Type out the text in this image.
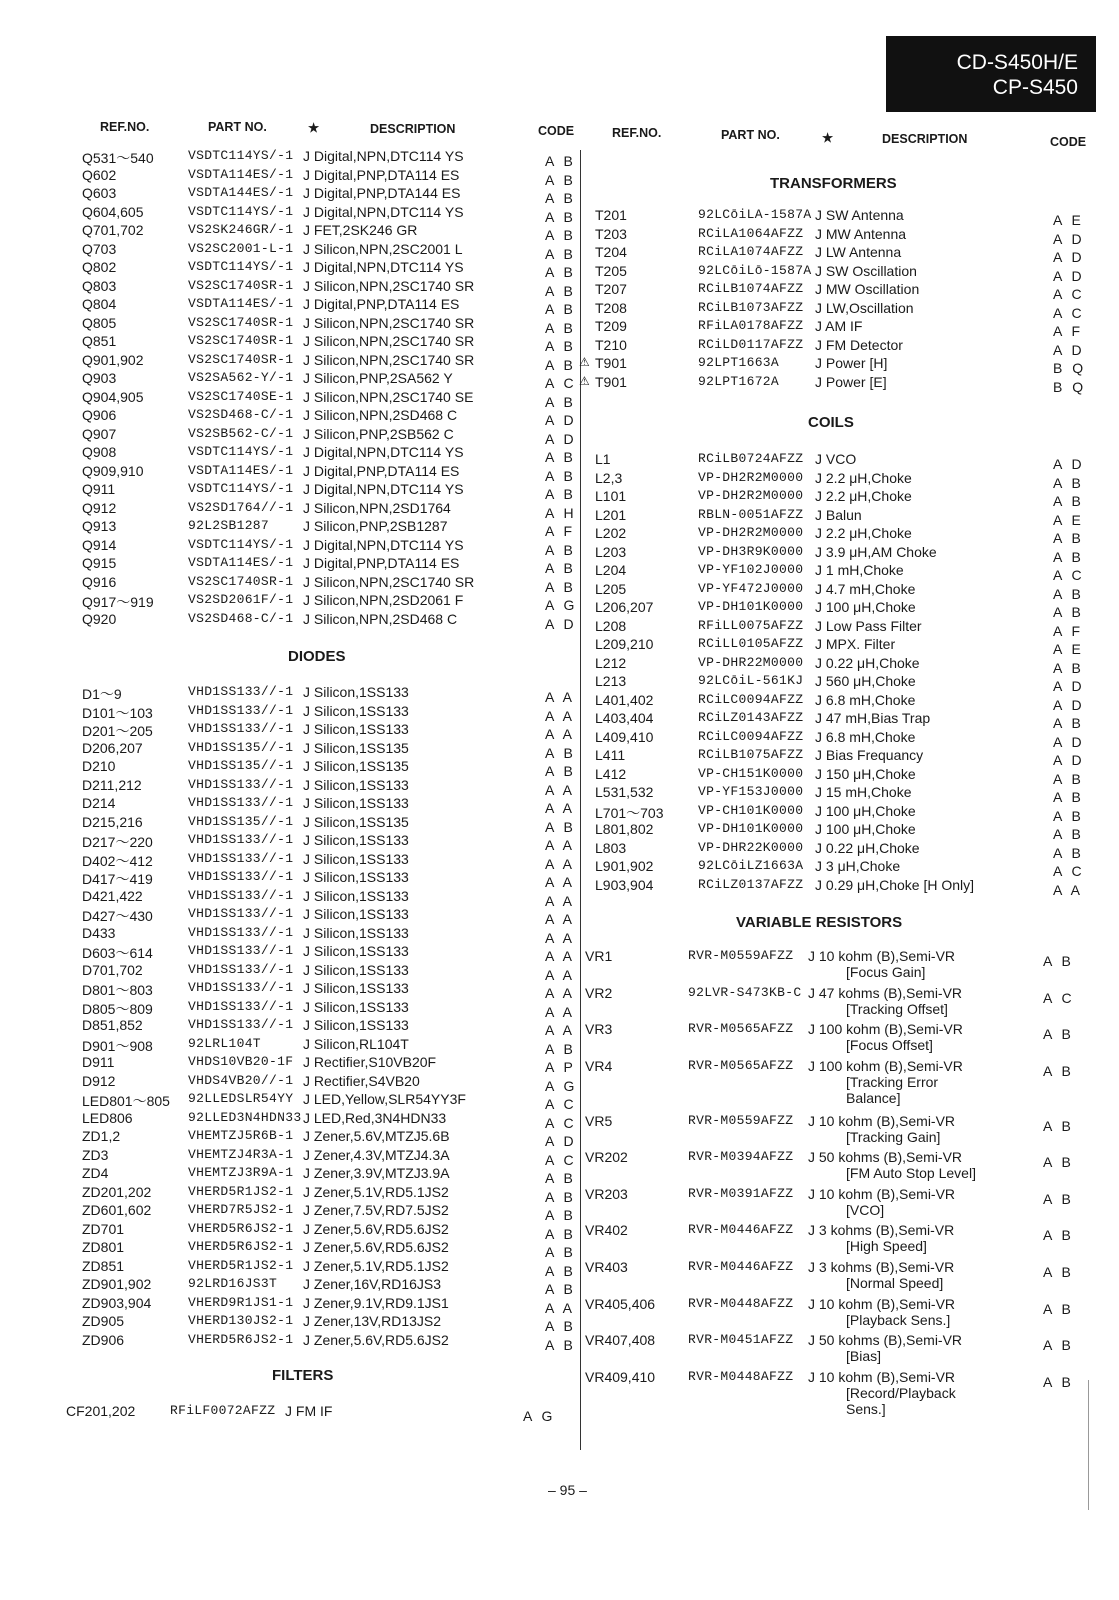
CD-S450H/E
CP-S450
REF.NO.	PART NO.	★	DESCRIPTION	CODE	REF.NO.	PART NO.	★	DESCRIPTION	CODE
Q531～540	VSDTC114YS/-1 J Digital,NPN,DTC114 YS	A B
Q602	VSDTA114ES/-1 J Digital,PNP,DTA114 ES	A B
Q603	VSDTA144ES/-1 J Digital,PNP,DTA144 ES	A B
Q604,605	VSDTC114YS/-1 J Digital,NPN,DTC114 YS	A B
Q701,702	VS2SK246GR/-1 J FET,2SK246 GR	A B
Q703	VS2SC2001-L-1 J Silicon,NPN,2SC2001 L	A B
Q802	VSDTC114YS/-1 J Digital,NPN,DTC114 YS	A B
Q803	VS2SC1740SR-1 J Silicon,NPN,2SC1740 SR	A B
Q804	VSDTA114ES/-1 J Digital,PNP,DTA114 ES	A B
Q805	VS2SC1740SR-1 J Silicon,NPN,2SC1740 SR	A B
Q851	VS2SC1740SR-1 J Silicon,NPN,2SC1740 SR	A B
Q901,902	VS2SC1740SR-1 J Silicon,NPN,2SC1740 SR	A B
Q903	VS2SA562-Y/-1 J Silicon,PNP,2SA562 Y	A C
Q904,905	VS2SC1740SE-1 J Silicon,NPN,2SC1740 SE	A B
Q906	VS2SD468-C/-1 J Silicon,NPN,2SD468 C	A D
Q907	VS2SB562-C/-1 J Silicon,PNP,2SB562 C	A D
Q908	VSDTC114YS/-1 J Digital,NPN,DTC114 YS	A B
Q909,910	VSDTA114ES/-1 J Digital,PNP,DTA114 ES	A B
Q911	VSDTC114YS/-1 J Digital,NPN,DTC114 YS	A B
Q912	VS2SD1764//-1 J Silicon,NPN,2SD1764	A H
Q913	92L2SB1287 J Silicon,PNP,2SB1287	A F
Q914	VSDTC114YS/-1 J Digital,NPN,DTC114 YS	A B
Q915	VSDTA114ES/-1 J Digital,PNP,DTA114 ES	A B
Q916	VS2SC1740SR-1 J Silicon,NPN,2SC1740 SR	A B
Q917～919	VS2SD2061F/-1 J Silicon,NPN,2SD2061 F	A G
Q920	VS2SD468-C/-1 J Silicon,NPN,2SD468 C	A D
DIODES
D1～9	VHD1SS133//-1 J Silicon,1SS133	A A
D101～103	VHD1SS133//-1 J Silicon,1SS133	A A
D201～205	VHD1SS133//-1 J Silicon,1SS133	A A
D206,207	VHD1SS135//-1 J Silicon,1SS135	A B
D210	VHD1SS135//-1 J Silicon,1SS135	A B
D211,212	VHD1SS133//-1 J Silicon,1SS133	A A
D214	VHD1SS133//-1 J Silicon,1SS133	A A
D215,216	VHD1SS135//-1 J Silicon,1SS135	A B
D217～220	VHD1SS133//-1 J Silicon,1SS133	A A
D402～412	VHD1SS133//-1 J Silicon,1SS133	A A
D417～419	VHD1SS133//-1 J Silicon,1SS133	A A
D421,422	VHD1SS133//-1 J Silicon,1SS133	A A
D427～430	VHD1SS133//-1 J Silicon,1SS133	A A
D433	VHD1SS133//-1 J Silicon,1SS133	A A
D603～614	VHD1SS133//-1 J Silicon,1SS133	A A
D701,702	VHD1SS133//-1 J Silicon,1SS133	A A
D801～803	VHD1SS133//-1 J Silicon,1SS133	A A
D805～809	VHD1SS133//-1 J Silicon,1SS133	A A
D851,852	VHD1SS133//-1 J Silicon,1SS133	A A
D901～908	92LRL104T	J Silicon,RL104T	A B
D911	VHDS10VB20-1F J Rectifier,S10VB20F	A P
D912	VHDS4VB20//-1 J Rectifier,S4VB20	A G
LED801～805 92LLEDSLR54YY J LED,Yellow,SLR54YY3F	A C
LED806	92LLED3N4HDN33 J LED,Red,3N4HDN33	A C
ZD1,2	VHEMTZJ5R6B-1 J Zener,5.6V,MTZJ5.6B	A D
ZD3	VHEMTZJ4R3A-1 J Zener,4.3V,MTZJ4.3A	A C
ZD4	VHEMTZJ3R9A-1 J Zener,3.9V,MTZJ3.9A	A B
ZD201,202	VHERD5R1JS2-1 J Zener,5.1V,RD5.1JS2	A B
ZD601,602	VHERD7R5JS2-1 J Zener,7.5V,RD7.5JS2	A B
ZD701	VHERD5R6JS2-1 J Zener,5.6V,RD5.6JS2	A B
ZD801	VHERD5R6JS2-1 J Zener,5.6V,RD5.6JS2	A B
ZD851	VHERD5R1JS2-1 J Zener,5.1V,RD5.1JS2	A B
ZD901,902	92LRD16JS3T J Zener,16V,RD16JS3	A B
ZD903,904	VHERD9R1JS1-1 J Zener,9.1V,RD9.1JS1	A A
ZD905	VHERD130JS2-1 J Zener,13V,RD13JS2	A B
ZD906	VHERD5R6JS2-1 J Zener,5.6V,RD5.6JS2	A B
FILTERS
CF201,202	RFiLF0072AFZZ J FM IF	A G
TRANSFORMERS
T201	92LCōiLA-1587A J SW Antenna	A E
T203	RCiLA1064AFZZ J MW Antenna	A D
T204	RCiLA1074AFZZ J LW Antenna	A D
T205	92LCōiLō-1587A J SW Oscillation	A D
T207	RCiLB1074AFZZ J MW Oscillation	A C
T208	RCiLB1073AFZZ J LW,Oscillation	A C
T209	RFiLA0178AFZZ J AM IF	A F
T210	RCiLD0117AFZZ J FM Detector	A D
⚠ T901	92LPT1663A	J Power [H]	B Q
⚠ T901	92LPT1672A	J Power [E]	B Q
COILS
L1	RCiLB0724AFZZ J VCO	A D
L2,3	VP-DH2R2M0000 J 2.2 μH,Choke	A B
L101	VP-DH2R2M0000 J 2.2 μH,Choke	A B
L201	RBLN-0051AFZZ J Balun	A E
L202	VP-DH2R2M0000 J 2.2 μH,Choke	A B
L203	VP-DH3R9K0000 J 3.9 μH,AM Choke	A B
L204	VP-YF102J0000 J 1 mH,Choke	A C
L205	VP-YF472J0000 J 4.7 mH,Choke	A B
L206,207	VP-DH101K0000 J 100 μH,Choke	A B
L208	RFiLL0075AFZZ J Low Pass Filter	A F
L209,210	RCiLL0105AFZZ J MPX. Filter	A E
L212	VP-DHR22M0000 J 0.22 μH,Choke	A B
L213	92LCōiL-561KJ J 560 μH,Choke	A D
L401,402	RCiLC0094AFZZ J 6.8 mH,Choke	A D
L403,404	RCiLZ0143AFZZ J 47 mH,Bias Trap	A B
L409,410	RCiLC0094AFZZ J 6.8 mH,Choke	A D
L411	RCiLB1075AFZZ J Bias Frequancy	A D
L412	VP-CH151K0000 J 150 μH,Choke	A B
L531,532	VP-YF153J0000 J 15 mH,Choke	A B
L701～703	VP-CH101K0000 J 100 μH,Choke	A B
L801,802	VP-DH101K0000 J 100 μH,Choke	A B
L803	VP-DHR22K0000 J 0.22 μH,Choke	A B
L901,902	92LCōiLZ1663A J 3 μH,Choke	A C
L903,904	RCiLZ0137AFZZ J 0.29 μH,Choke [H Only]	A A
VARIABLE RESISTORS
VR1	RVR-M0559AFZZ J 10 kohm (B),Semi-VR
[Focus Gain]
A B
VR2	92LVR-S473KB-C J 47 kohms (B),Semi-VR
[Tracking Offset]
A C
VR3	RVR-M0565AFZZ J 100 kohm (B),Semi-VR
[Focus Offset]
A B
VR4	RVR-M0565AFZZ J 100 kohm (B),Semi-VR
[Tracking Error
Balance]
A B
VR5	RVR-M0559AFZZ J 10 kohm (B),Semi-VR
[Tracking Gain]
A B
VR202	RVR-M0394AFZZ J 50 kohms (B),Semi-VR
[FM Auto Stop Level]
A B
VR203	RVR-M0391AFZZ J 10 kohm (B),Semi-VR
[VCO]
A B
VR402	RVR-M0446AFZZ J 3 kohms (B),Semi-VR
[High Speed]
A B
VR403	RVR-M0446AFZZ J 3 kohms (B),Semi-VR
[Normal Speed]
A B
VR405,406	RVR-M0448AFZZ J 10 kohm (B),Semi-VR
[Playback Sens.]
A B
VR407,408	RVR-M0451AFZZ J 50 kohms (B),Semi-VR
[Bias]
A B
VR409,410	RVR-M0448AFZZ J 10 kohm (B),Semi-VR
[Record/Playback
Sens.]
A B
– 95 –
